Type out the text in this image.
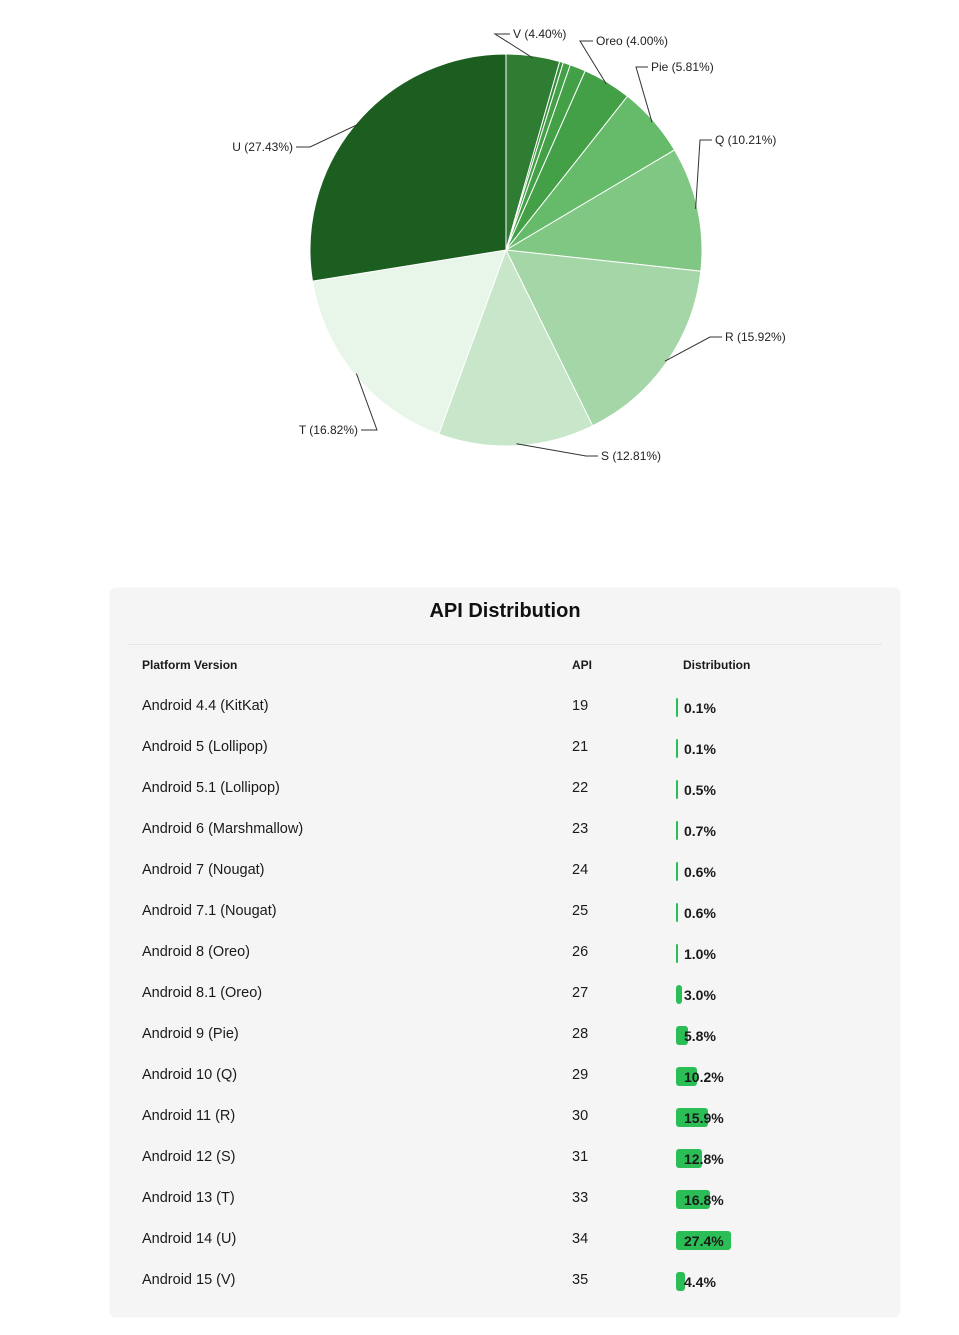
V (4.40%) Oreo (4.00%)
Pie (5.81%)
Q (10.21%)
R (15.92%)
S (12.81%)
T (16.82%)
U (27.43%)
API Distribution
Platform Version	API	Distribution
Android 4.4 (KitKat)	19	0.1%
Android 5 (Lollipop)	21	0.1%
Android 5.1 (Lollipop)	22	0.5%
Android 6 (Marshmallow)	23	0.7%
Android 7 (Nougat)	24	0.6%
Android 7.1 (Nougat)	25	0.6%
Android 8 (Oreo)	26	1.0%
Android 8.1 (Oreo)	27	3.0%
Android 9 (Pie)	28	5.8%
Android 10 (Q)	29	10.2%
Android 11 (R)	30	15.9%
Android 12 (S)	31	12.8%
Android 13 (T)	33	16.8%
Android 14 (U)	34	27.4%
Android 15 (V)	35	4.4%
